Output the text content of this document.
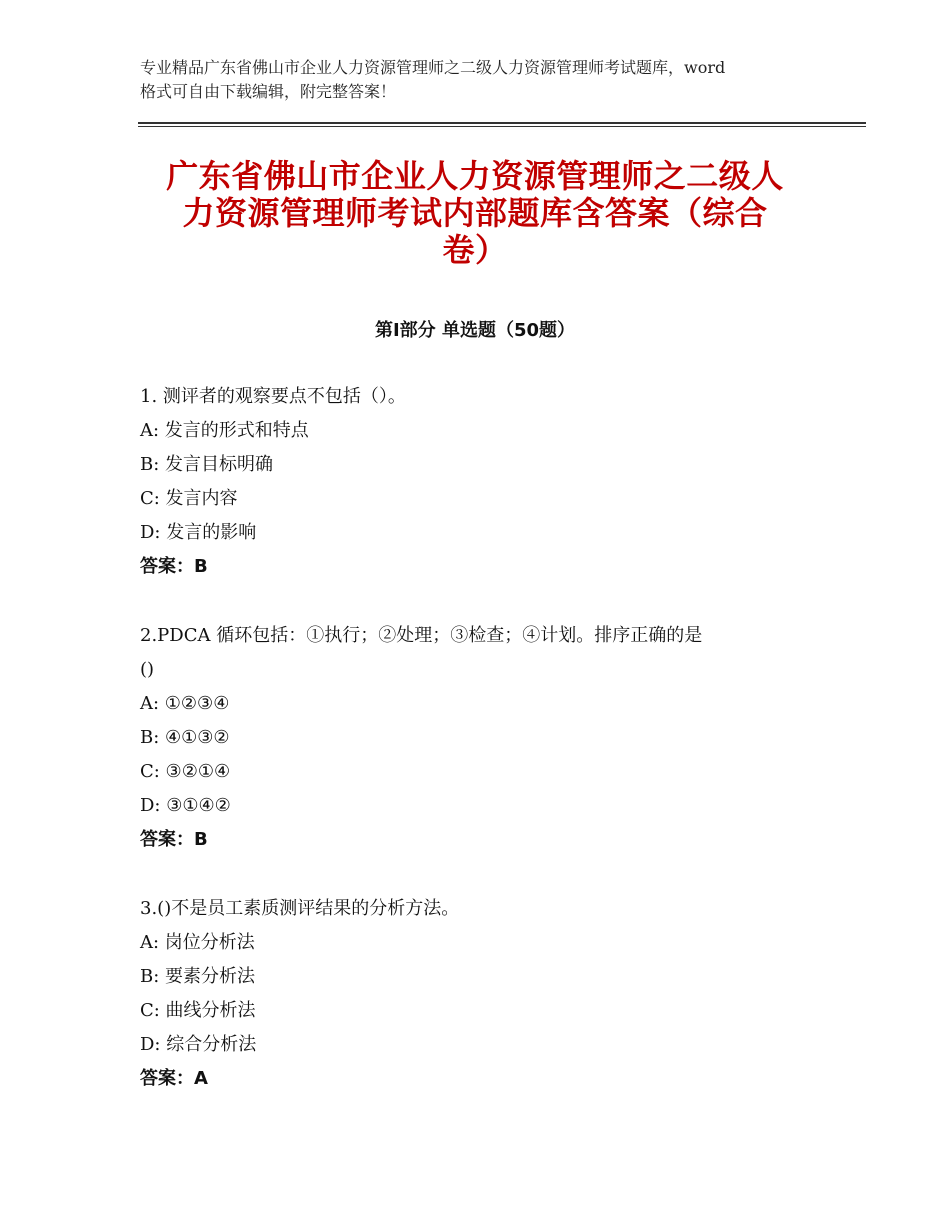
专业精品广东省佛山市企业人力资源管理师之二级人力资源管理师考试题库，word
格式可自由下载编辑，附完整答案！
广东省佛山市企业人力资源管理师之二级人
力资源管理师考试内部题库含答案（综合
卷）
第Ⅰ部分 单选题（50题）
1. 测评者的观察要点不包括（）。
A: 发言的形式和特点
B: 发言目标明确
C: 发言内容
D: 发言的影响
答案：B
2.PDCA 循环包括：①执行；②处理；③检查；④计划。排序正确的是
()
A: ①②③④
B: ④①③②
C: ③②①④
D: ③①④②
答案：B
3.()不是员工素质测评结果的分析方法。
A: 岗位分析法
B: 要素分析法
C: 曲线分析法
D: 综合分析法
答案：A
